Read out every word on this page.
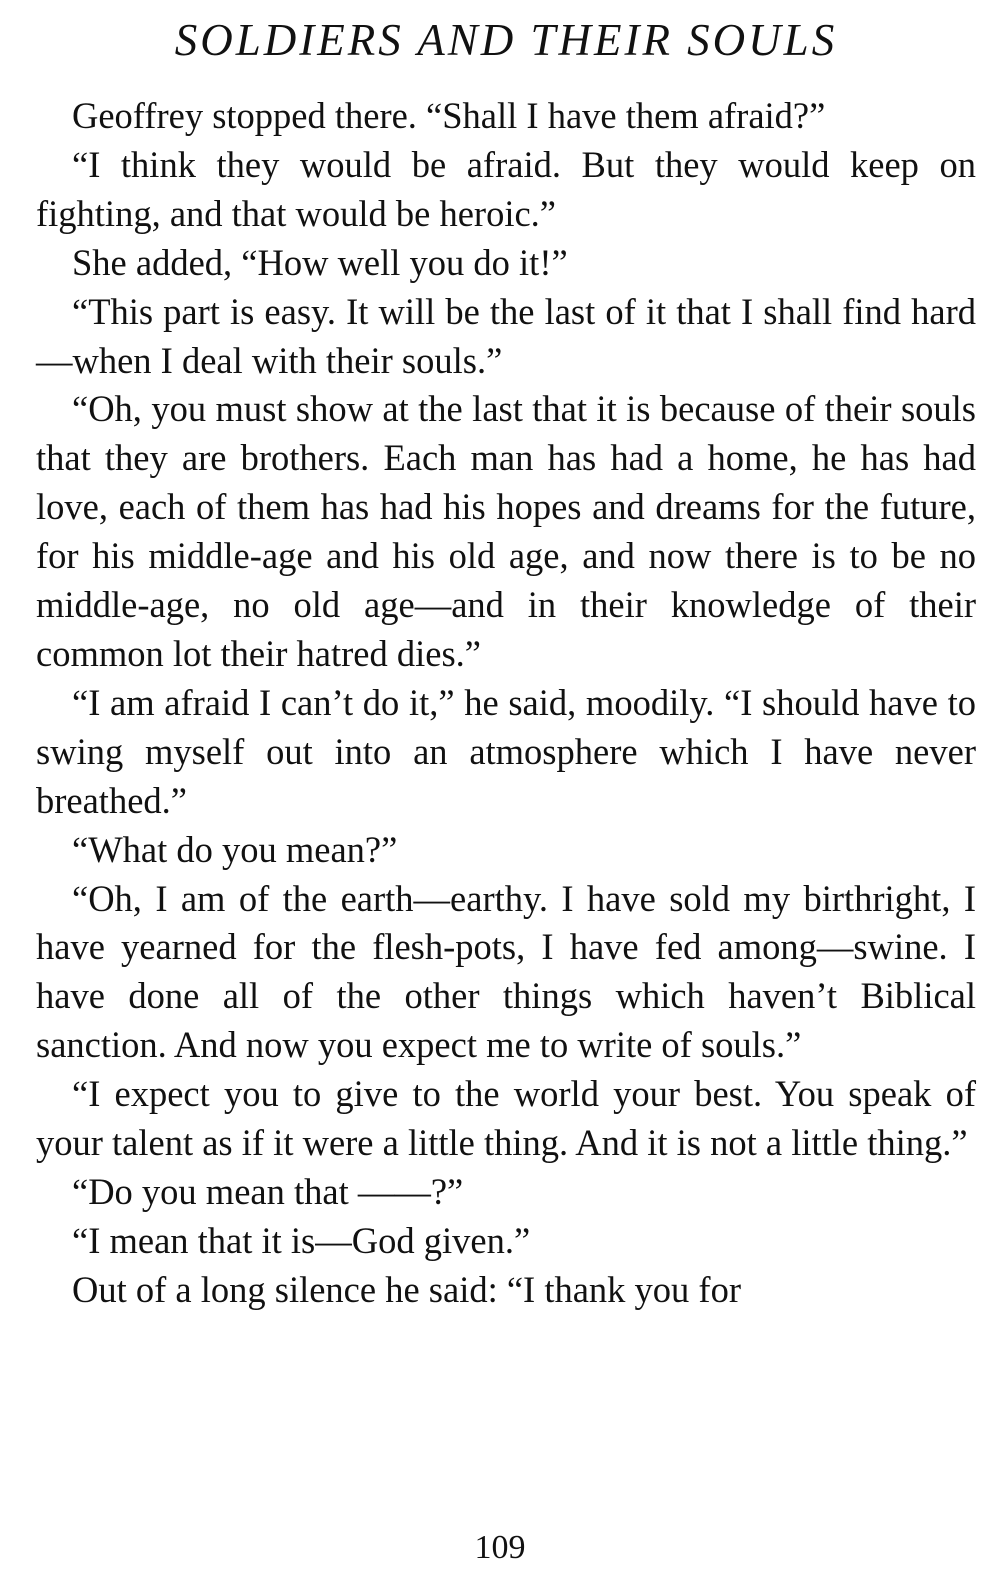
SOLDIERS AND THEIR SOULS

Geoffrey stopped there. “Shall I have them afraid?”

“I think they would be afraid. But they would keep on fighting, and that would be heroic.”

She added, “How well you do it!”

“This part is easy. It will be the last of it that I shall find hard—when I deal with their souls.”

“Oh, you must show at the last that it is because of their souls that they are brothers. Each man has had a home, he has had love, each of them has had his hopes and dreams for the future, for his middle-age and his old age, and now there is to be no middle-age, no old age—and in their knowledge of their common lot their hatred dies.”

“I am afraid I can’t do it,” he said, moodily. “I should have to swing myself out into an atmosphere which I have never breathed.”

“What do you mean?”

“Oh, I am of the earth—earthy. I have sold my birthright, I have yearned for the flesh-pots, I have fed among—swine. I have done all of the other things which haven’t Biblical sanction. And now you expect me to write of souls.”

“I expect you to give to the world your best. You speak of your talent as if it were a little thing. And it is not a little thing.”

“Do you mean that ——?”

“I mean that it is—God given.”

Out of a long silence he said: “I thank you for

109
